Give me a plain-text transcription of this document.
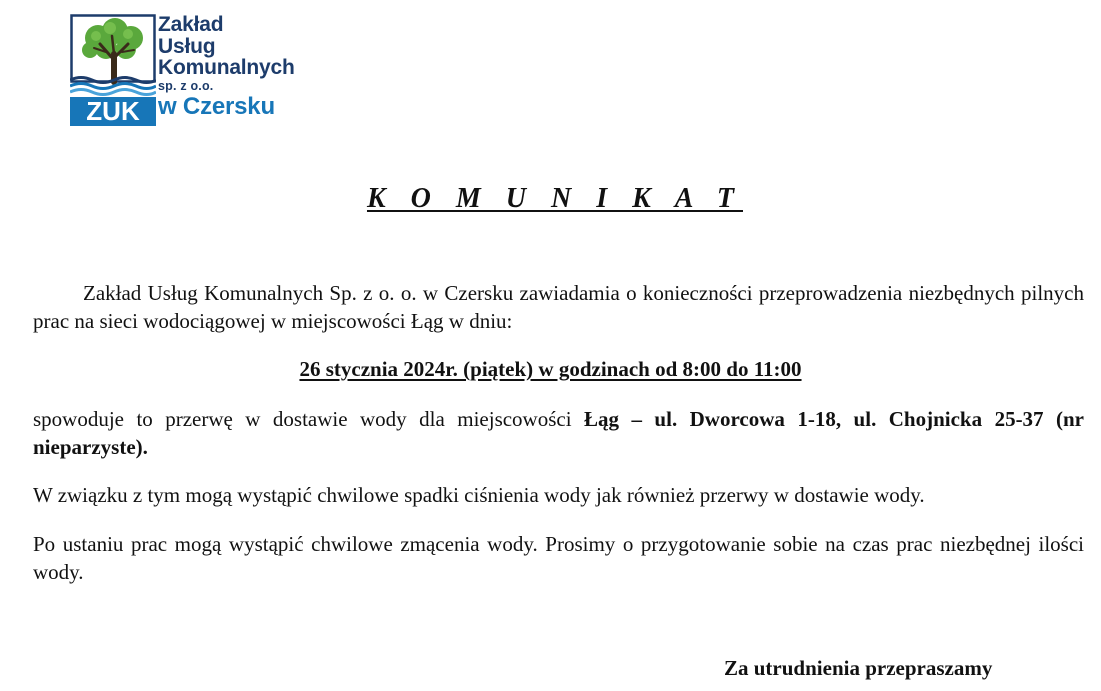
ZUK
Zakład
Usług
Komunalnych
sp. z o.o.
w Czersku
K O M U N I K A T

Zakład Usług Komunalnych Sp. z o. o. w Czersku zawiadamia o konieczności przeprowadzenia niezbędnych pilnych prac na sieci wodociągowej w miejscowości Łąg w dniu:

26 stycznia 2024r. (piątek) w godzinach od 8:00 do 11:00

spowoduje to przerwę w dostawie wody dla miejscowości Łąg – ul. Dworcowa 1-18, ul. Chojnicka 25-37 (nr nieparzyste).

W związku z tym mogą wystąpić chwilowe spadki ciśnienia wody jak również przerwy w dostawie wody.

Po ustaniu prac mogą wystąpić chwilowe zmącenia wody. Prosimy o przygotowanie sobie na czas prac niezbędnej ilości wody.

Za utrudnienia przepraszamy
